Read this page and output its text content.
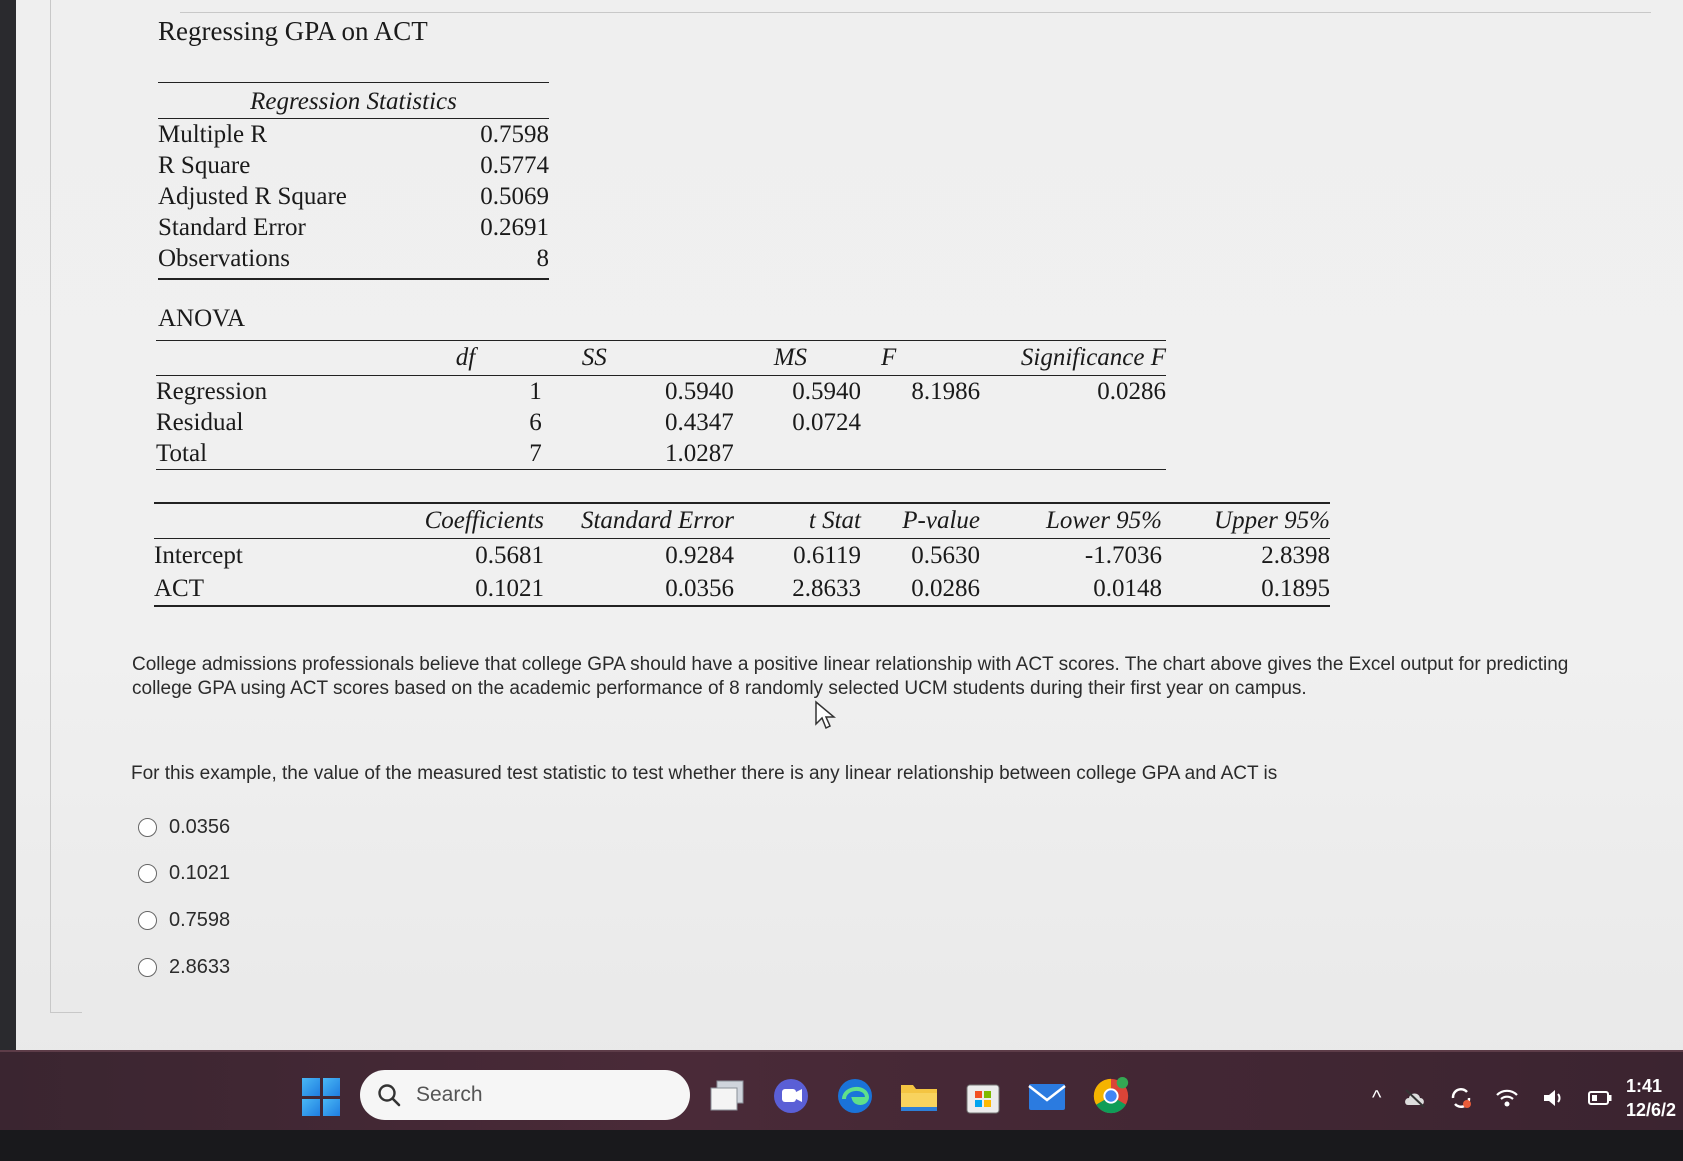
Regressing GPA on ACT
Regression Statistics
Multiple R	0.7598
R Square	0.5774
Adjusted R Square	0.5069
Standard Error	0.2691
Observations	8
ANOVA
	df	SS	MS	F	Significance F
Regression	1	0.5940	0.5940	8.1986	0.0286
Residual	6	0.4347	0.0724		
Total	7	1.0287			
	Coefficients	Standard Error	t Stat	P-value	Lower 95%	Upper 95%
Intercept	0.5681	0.9284	0.6119	0.5630	-1.7036	2.8398
ACT	0.1021	0.0356	2.8633	0.0286	0.0148	0.1895
College admissions professionals believe that college GPA should have a positive linear relationship with ACT scores. The chart above gives the Excel output for predicting college GPA using ACT scores based on the academic performance of 8 randomly selected UCM students during their first year on campus.
For this example, the value of the measured test statistic to test whether there is any linear relationship between college GPA and ACT is
0.0356
0.1021
0.7598
2.8633
Search	^
1:41
12/6/2
